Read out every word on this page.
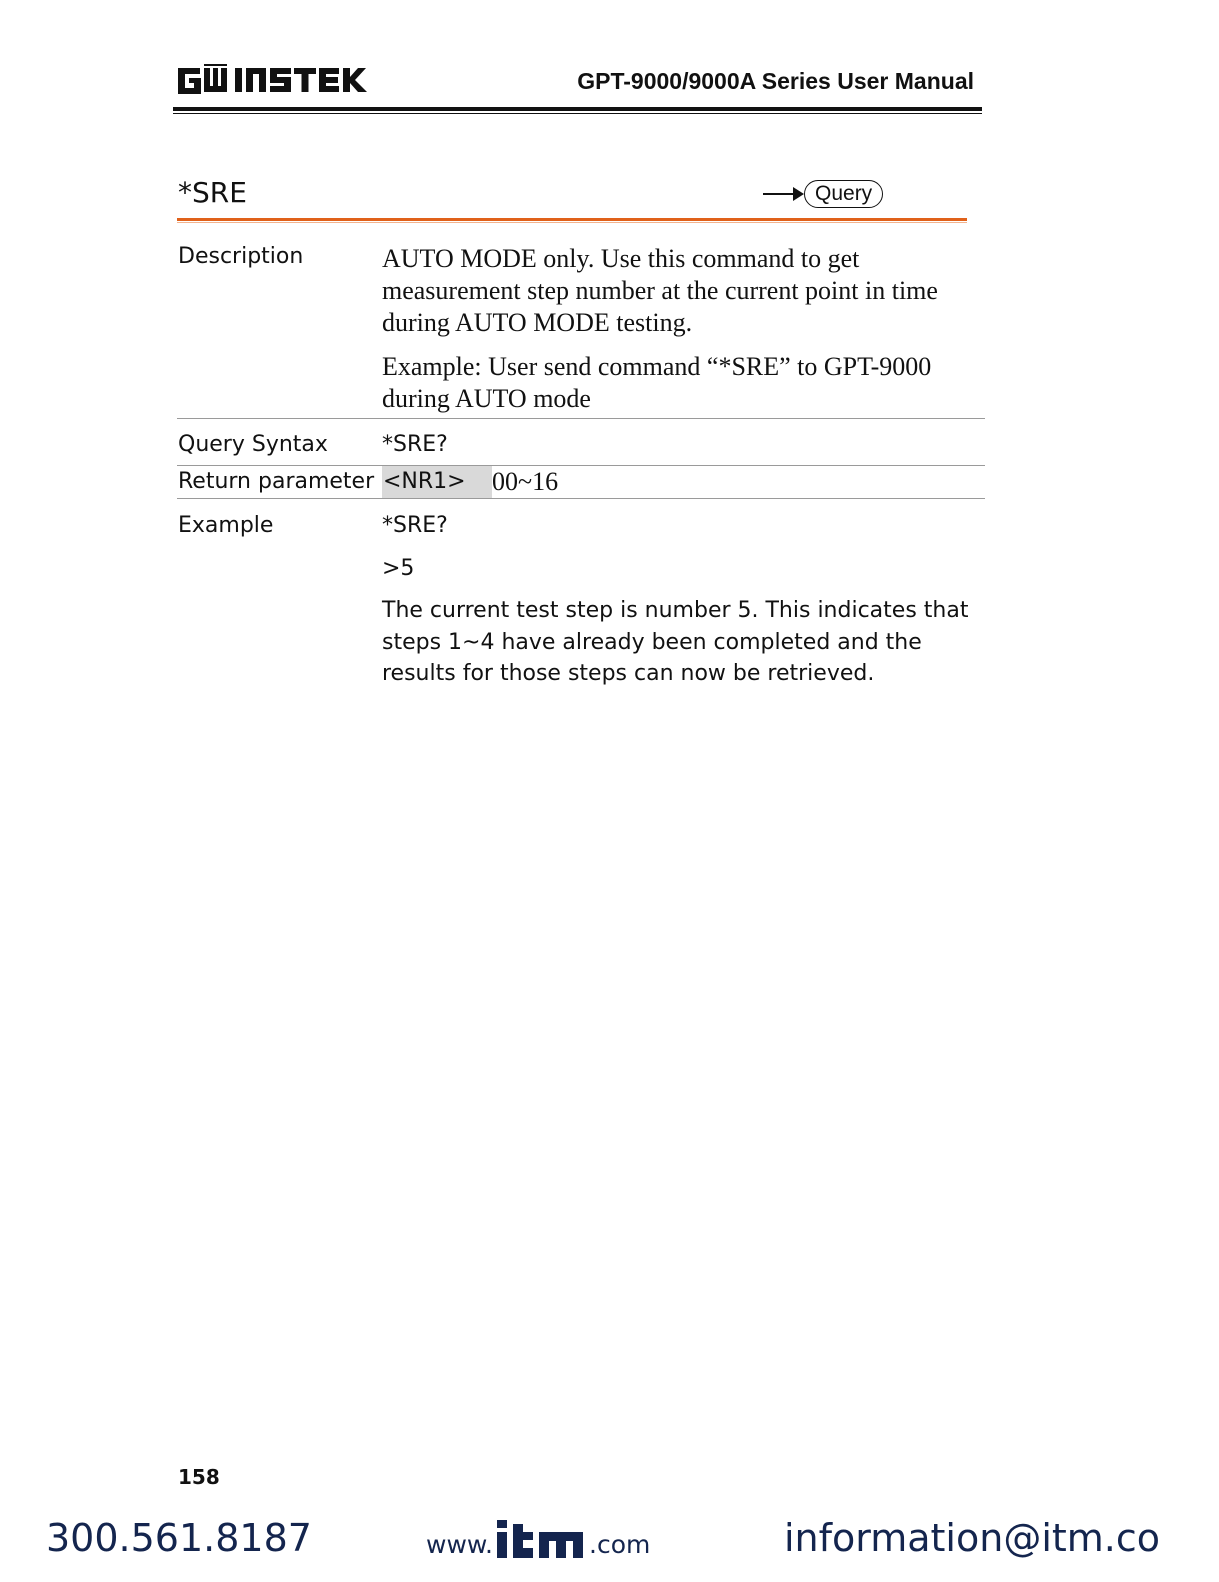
GPT-9000/9000A Series User Manual
*SRE	Query
Description	AUTO MODE only. Use this command to get measurement step number at the current point in time during AUTO MODE testing.
Example: User send command “*SRE” to GPT-9000 during AUTO mode
Query Syntax *SRE?
Return parameter <NR1> 00~16
Example	*SRE?
>5
The current test step is number 5. This indicates that steps 1~4 have already been completed and the results for those steps can now be retrieved.
158
300.561.8187	www.	.com	information@itm.co
